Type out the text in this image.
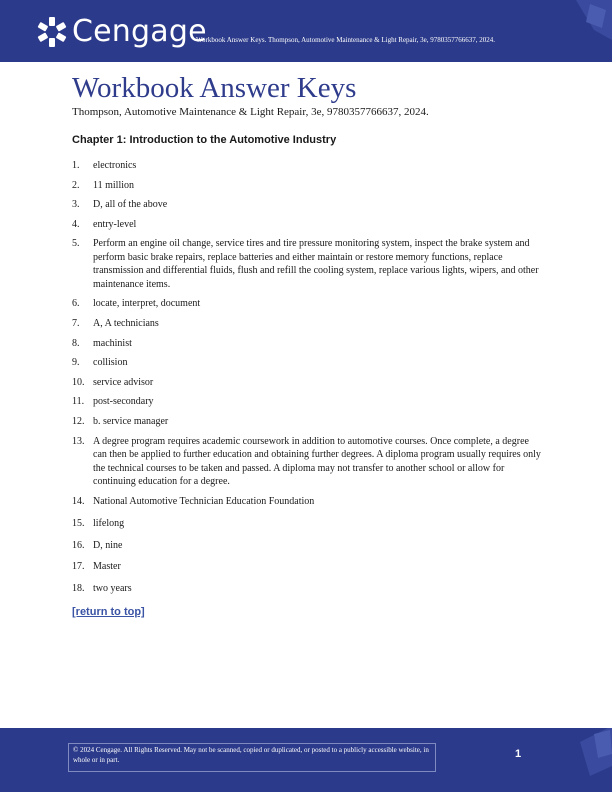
Cengage
Workbook Answer Keys. Thompson, Automotive Maintenance & Light Repair, 3e, 9780357766637, 2024.
Workbook Answer Keys
Thompson, Automotive Maintenance & Light Repair, 3e, 9780357766637, 2024.
Chapter 1: Introduction to the Automotive Industry
1. electronics
2. 11 million
3. D, all of the above
4. entry-level
5. Perform an engine oil change, service tires and tire pressure monitoring system, inspect the brake system and perform basic brake repairs, replace batteries and either maintain or restore memory functions, replace transmission and differential fluids, flush and refill the cooling system, replace various lights, wipers, and other maintenance items.
6. locate, interpret, document
7. A, A technicians
8. machinist
9. collision
10. service advisor
11. post-secondary
12. b. service manager
13. A degree program requires academic coursework in addition to automotive courses. Once complete, a degree can then be applied to further education and obtaining further degrees. A diploma program usually requires only the technical courses to be taken and passed. A diploma may not transfer to another school or allow for continuing education for a degree.
14. National Automotive Technician Education Foundation
15. lifelong
16. D, nine
17. Master
18. two years
[return to top]
© 2024 Cengage. All Rights Reserved. May not be scanned, copied or duplicated, or posted to a publicly accessible website, in whole or in part.	1
